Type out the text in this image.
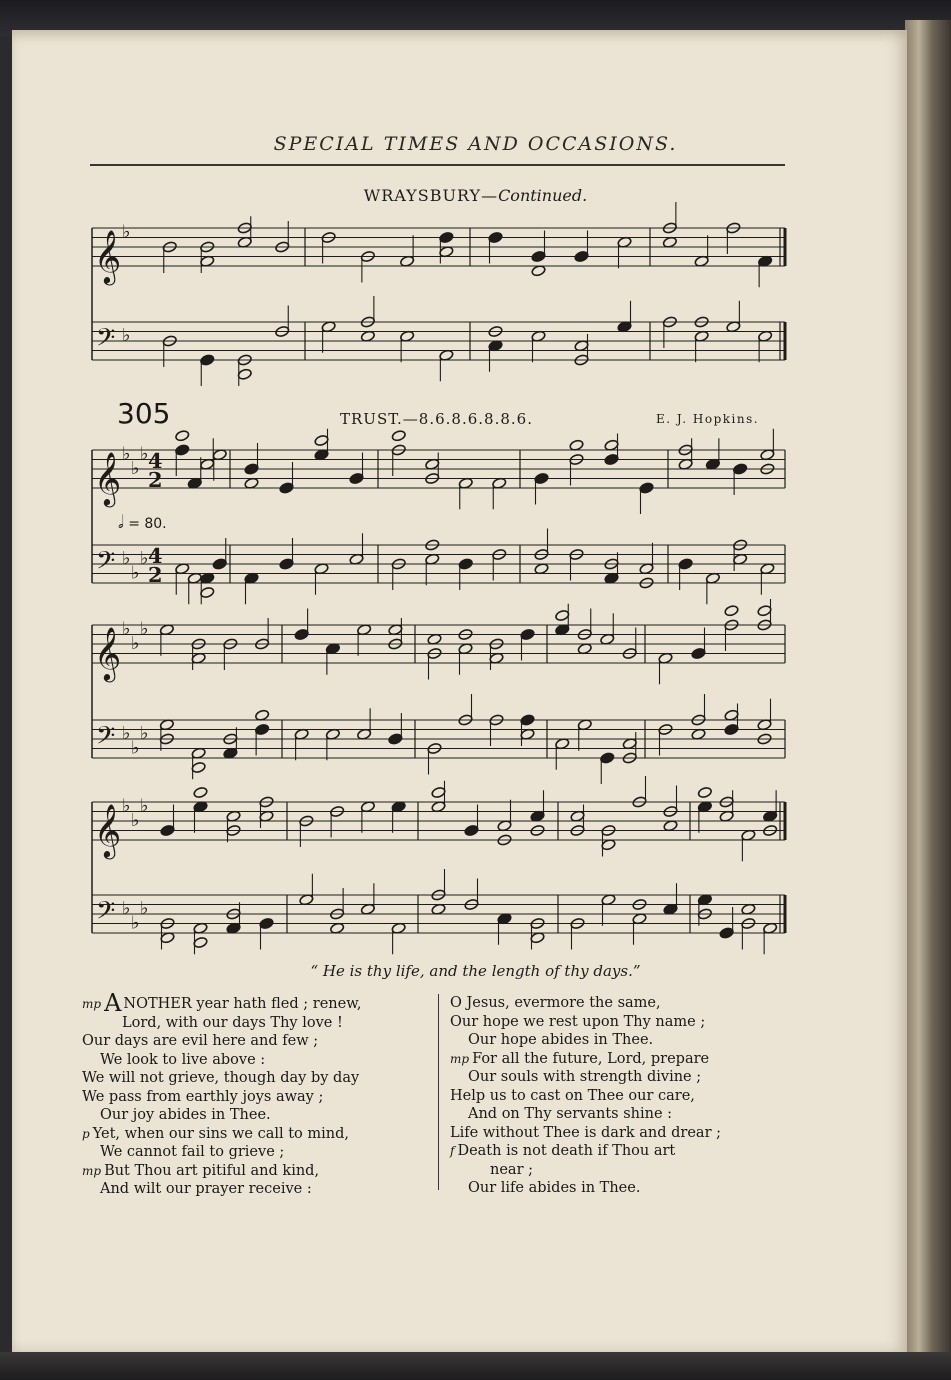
SPECIAL TIMES AND OCCASIONS.
WRAYSBURY—Continued.
305	TRUST.—8.6.8.6.8.8.6.	E. J. Hopkins.
𝅗𝅥 = 80.
𝄞
𝄢
♭
♭
𝄞
𝄢
♭
♭
♭
♭
♭
♭
4
2
4
2
𝄞
𝄢
♭
♭
♭
♭
♭
♭
𝄞
𝄢
♭
♭
♭
♭
♭
♭
“ He is thy life, and the length of thy days.”
mp A NOTHER year hath fled ; renew,
Lord, with our days Thy love !
Our days are evil here and few ;
We look to live above :
We will not grieve, though day by day
We pass from earthly joys away ;
Our joy abides in Thee.
p Yet, when our sins we call to mind,
We cannot fail to grieve ;
mp But Thou art pitiful and kind,
And wilt our prayer receive :
O Jesus, evermore the same,
Our hope we rest upon Thy name ;
Our hope abides in Thee.
mp For all the future, Lord, prepare
Our souls with strength divine ;
Help us to cast on Thee our care,
And on Thy servants shine :
Life without Thee is dark and drear ;
f Death is not death if Thou art
near ;
Our life abides in Thee.
